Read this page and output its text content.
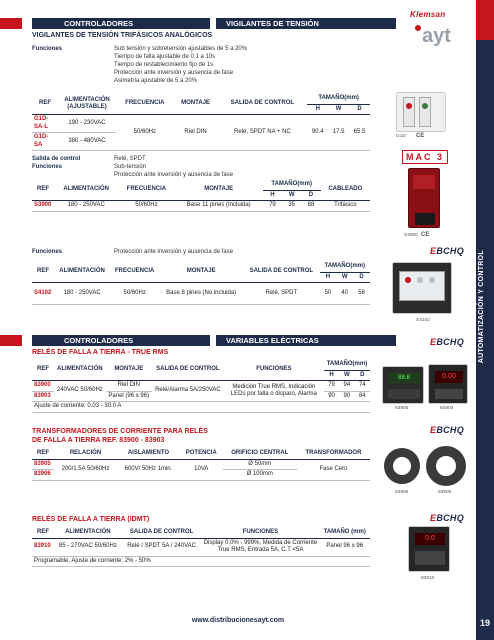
AUTOMATIZACIÓN Y CONTROL
19
Klemsan
ayt
CONTROLADORES	VIGILANTES DE TENSIÓN
VIGILANTES DE TENSIÓN TRIFÁSICOS ANALÓGICOS
Funciones	Sub tensión y sobretensión ajustables de 5 a 20%
Tiempo de falla ajustable de 0.1 a 10s
Tiempo de restablecimiento fijo de 1s
Protección ante inversión y ausencia de fase
Asimetría ajustable de 5 a 20%
REF	ALIMENTACIÓN (AJUSTABLE)	FRECUENCIA	MONTAJE	SALIDA DE CONTROL	TAMAÑO(mm)		
					H	W	D
G1D-SA-L	190 - 230VAC	50/60Hz	Riel DIN	Relé, SPDT NA + NC	90.4	17.5	65.5
G1D-SA	380 - 480VAC						
G1D CE
Salida de control
Funciones
Relé, SPDT
Sub-tensión
Protección ante inversión y ausencia de fase
MAC 3
REF	ALIMENTACIÓN	FRECUENCIA	MONTAJE	TAMAÑO(mm)			CABLEADO
				H	W	D	
S3900	180 - 250VAC	50/60Hz	Base 11 pines (Incluida)	79	35	88	Trifásico
S3900 CE
Funciones	Protección ante inversión y ausencia de fase	EBCHQ
REF	ALIMENTACIÓN	FRECUENCIA	MONTAJE	SALIDA DE CONTROL	TAMAÑO(mm)		
					H	W	D
S4102	180 - 250VAC	50/60Hz	Base 8 pines (No incluida)	Relé, SPDT	50	40	58
S4102
CONTROLADORES	VARIABLES ELÉCTRICAS
RELÉS DE FALLA A TIERRA - TRUE RMS
EBCHQ
REF	ALIMENTACIÓN	MONTAJE	SALIDA DE CONTROL	FUNCIONES	TAMAÑO(mm)		
					H	W	D
83900	240VAC 50/60Hz	Riel DIN	Relé/Alarma 5A/250VAC	Medición True RMS, Indicación LEDs por falla o disparo, Alarma	79	94	74
83903		Panel (96 x 96)			90	90	84
Ajuste de corriente: 0.03 - 30.0 A							
88.8	0.00
83900	83903
TRANSFORMADORES DE CORRIENTE PARA RELÉS
DE FALLA A TIERRA REF. 83900 - 83903
EBCHQ
REF	RELACIÓN	AISLAMIENTO	POTENCIA	ORIFICIO CENTRAL	TRANSFORMADOR
83905	200/1.5A 50/60Hz	600V/ 50Hz 1min.	10VA	Ø 50mm	Fase Cero
83906				Ø 100mm	
83905	83906
RELÉS DE FALLA A TIERRA (IDMT)	EBCHQ
REF	ALIMENTACIÓN	SALIDA DE CONTROL	FUNCIONES	TAMAÑO (mm)
83910	85 - 270VAC 50/60Hz	Relé / SPDT 5A / 240VAC	Display 0,0% - 999%, Medida de Corriente True RMS, Entrada 5A, C.T <5A	Panel 96 x 96
Programable, Ajuste de corriente: 2% - 50%				
0.0
83910
www.distribucionesayt.com
